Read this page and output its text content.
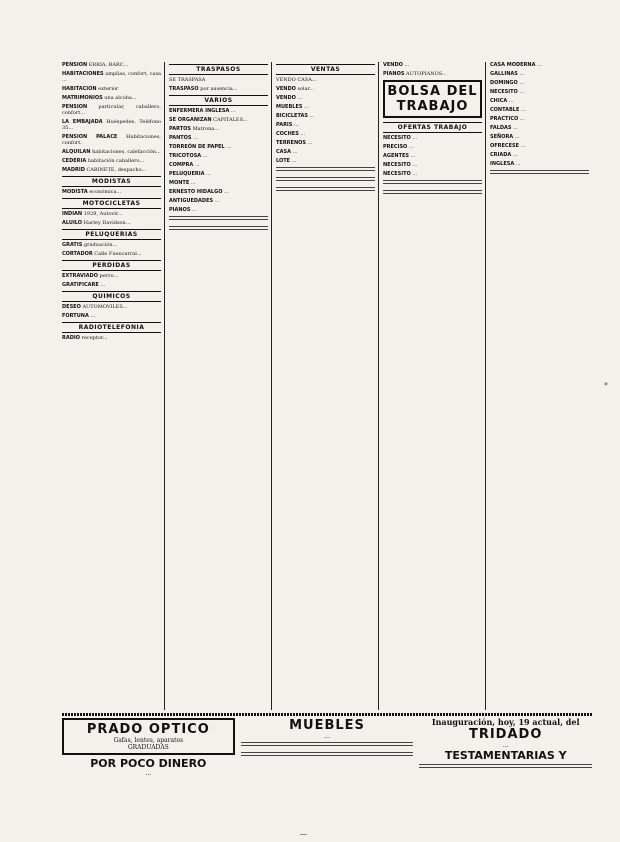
PENSION ERRIA, BARC...
HABITACIONES amplias, confort, casa ...
HABITACION exterior
MATRIMONIOS una alcoba...
PENSION particular, caballero, confort...
LA EMBAJADA Huéspedes. Teléfono 35...
PENSION PALACE Habitaciones, confort.
ALQUILAN habitaciones, calefacción...
CEDERIA habitación caballero...
MADRID CABINETE, despacho...
MODISTAS
MODISTA económica...
MOTOCICLETAS
INDIAN 1929, Autovir...
ALUILO Harley Davidson...
PELUQUERIAS
GRATIS graduación...
CORTADOR Calle Fuencarral...
PERDIDAS
EXTRAVIADO perro...
GRATIFICARE ...
QUIMICOS
DESEO AUTOMOVILES...
FORTUNA ...
RADIOTELEFONIA
RADIO receptor...
TRASPASOS
SE TRASPASA
TRASPASO por ausencia...
VARIOS
ENFERMERA INGLESA ...
SE ORGANIZAN CAPITALES...
PARTOS Matrona...
PANTOS ...
TORREÓN DE PAPEL ...
TRICOTOSA ...
COMPRA ...
PELUQUERIA ...
MONTE ...
ERNESTO HIDALGO ...
ANTIGUEDADES ...
PIANOS ...
VENTAS
VENDO CASA...
VENDO solar...
VENDO ...
MUEBLES ...
BICICLETAS ...
PARIS ...
COCHES ...
TERRENOS ...
CASA ...
LOTE ...
VENDO ...
PIANOS AUTOPIANOS...
BOLSA DEL TRABAJO
OFERTAS TRABAJO
NECESITO ...
PRECISO ...
AGENTES ...
NECESITO ...
NECESITO ...
CASA MODERNA ...
GALLINAS ...
DOMINGO ...
NECESITO ...
CHICA ...
CONTABLE ...
PRACTICO ...
FALDAS ...
SEÑORA ...
OFRECESE ...
CRIADA ...
INGLESA ...
PRADO OPTICO
Gafas, lentes, aparatos
GRADUADAS
POR POCO DINERO
...
MUEBLES
...
Inauguración, hoy, 19 actual, del
TRIDADO
...
TESTAMENTARIAS Y
»
—
